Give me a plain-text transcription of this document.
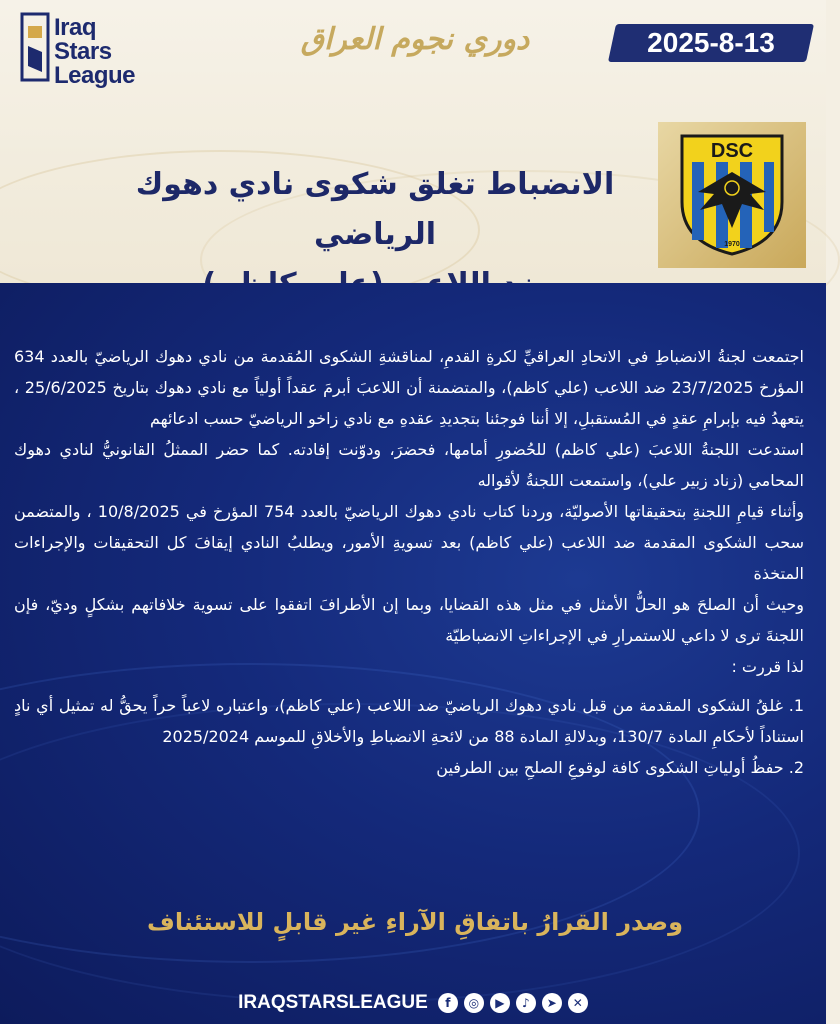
Iraq
Stars
League
دوري نجوم العراق	2025-8-13
DSC
1970
الانضباط تغلق شكوى نادي دهوك الرياضي

اجتمعت لجنةُ الانضباطِ في الاتحادِ العراقيِّ لكرةِ القدمِ، لمناقشةِ الشكوى المُقدمة من نادي دهوك الرياضيّ بالعدد 634 المؤرخ 23/7/2025 ضد اللاعب (علي كاظم)، والمتضمنة أن اللاعبَ أبرمَ عقداً أولياً مع نادي دهوك بتاريخ 25/6/2025 ، يتعهدُ فيه بإبرامِ عقدٍ في المُستقبلِ، إلا أننا فوجئنا بتجديدِ عقدهِ مع نادي زاخو الرياضيّ حسب ادعائهم

استدعت اللجنةُ اللاعبَ (علي كاظم) للحُضورِ أمامها، فحضرَ، ودوّنت إفادته. كما حضر الممثلُ القانونيُّ لنادي دهوك المحامي (زناد زبير علي)، واستمعت اللجنةُ لأقواله

وأثناء قيامِ اللجنةِ بتحقيقاتها الأصوليّة، وردنا كتاب نادي دهوك الرياضيّ بالعدد 754 المؤرخ في 10/8/2025 ، والمتضمن سحب الشكوى المقدمة ضد اللاعب (علي كاظم) بعد تسويةِ الأمور، ويطلبُ النادي إيقافَ كل التحقيقات والإجراءات المتخذة

وحيث أن الصلحَ هو الحلُّ الأمثل في مثل هذه القضايا، وبما إن الأطرافَ اتفقوا على تسوية خلافاتهم بشكلٍ وديّ، فإن اللجنةَ ترى لا داعي للاستمرارِ في الإجراءاتِ الانضباطيّة

لذا قررت :

1. غلقُ الشكوى المقدمة من قبل نادي دهوك الرياضيّ ضد اللاعب (علي كاظم)، واعتباره لاعباً حراً يحقُّ له تمثيل أي نادٍ استناداً لأحكامِ المادة 130/7، وبدلالةِ المادة 88 من لائحةِ الانضباطِ والأخلاقِ للموسم 2025/2024
2. حفظُ أولياتِ الشكوى كافة لوقوعِ الصلحِ بين الطرفين
وصدر القرارُ باتفاقِ الآراءِ غير قابلٍ للاستئناف
IRAQSTARSLEAGUE	f	◎	▶	♪	➤	✕
